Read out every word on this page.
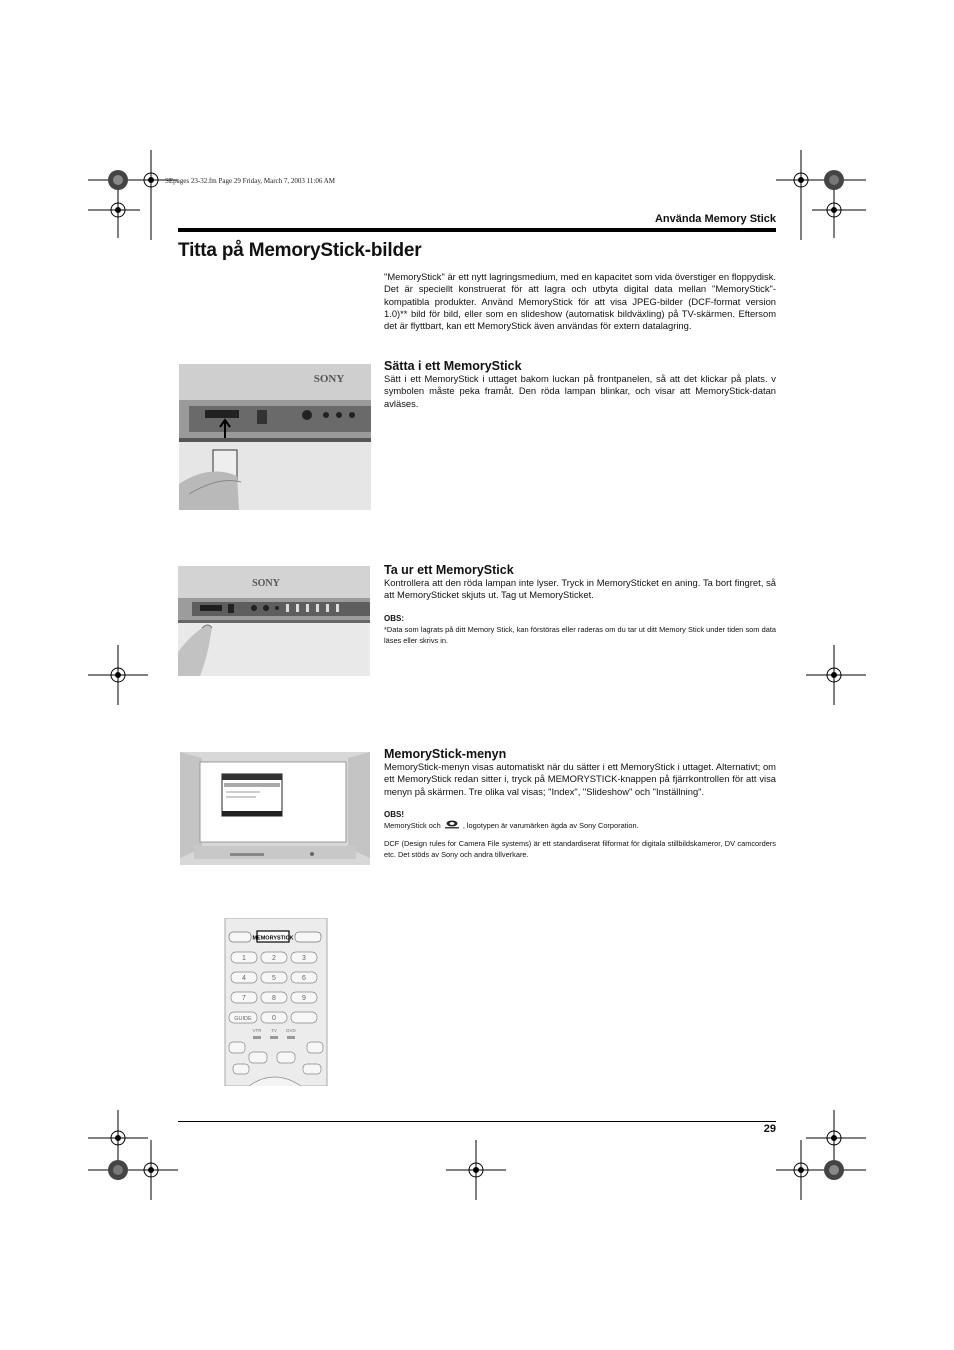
SEpages 23-32.fm Page 29 Friday, March 7, 2003 11:06 AM
Använda Memory Stick
Titta på MemoryStick-bilder

"MemoryStick" är ett nytt lagringsmedium, med en kapacitet som vida överstiger en floppydisk. Det är speciellt konstruerat för att lagra och utbyta digital data mellan "MemoryStick"-kompatibla produkter. Använd MemoryStick för att visa JPEG-bilder (DCF-format version 1.0)** bild för bild, eller som en slideshow (automatisk bildväxling) på TV-skärmen. Eftersom det är flyttbart, kan ett MemoryStick även användas för extern datalagring.

SONY
Sätta i ett MemoryStick

Sätt i ett MemoryStick i uttaget bakom luckan på frontpanelen, så att det klickar på plats. v symbolen måste peka framåt. Den röda lampan blinkar, och visar att MemoryStick-datan avläses.

SONY
Ta ur ett MemoryStick

Kontrollera att den röda lampan inte lyser. Tryck in MemorySticket en aning. Ta bort fingret, så att MemorySticket skjuts ut. Tag ut MemorySticket.

OBS:

*Data som lagrats på ditt Memory Stick, kan förstöras eller raderas om du tar ut ditt Memory Stick under tiden som data läses eller skrivs in.

MemoryStick-menyn

MemoryStick-menyn visas automatiskt när du sätter i ett MemoryStick i uttaget. Alternativt; om ett MemoryStick redan sitter i, tryck på MEMORYSTICK-knappen på fjärrkontrollen för att visa menyn på skärmen. Tre olika val visas; "Index", "Slideshow" och "Inställning".

OBS!

MemoryStick och	, logotypen är varumärken ägda av Sony Corporation.

DCF (Design rules for Camera File systems) är ett standardiserat filformat för digitala stillbildskameror, DV camcorders etc. Det stöds av Sony och andra tillverkare.

MEMORYSTICK
1	2	3
4	5	6
7	8	9
0
GUIDE
VTR TV DVD
29
